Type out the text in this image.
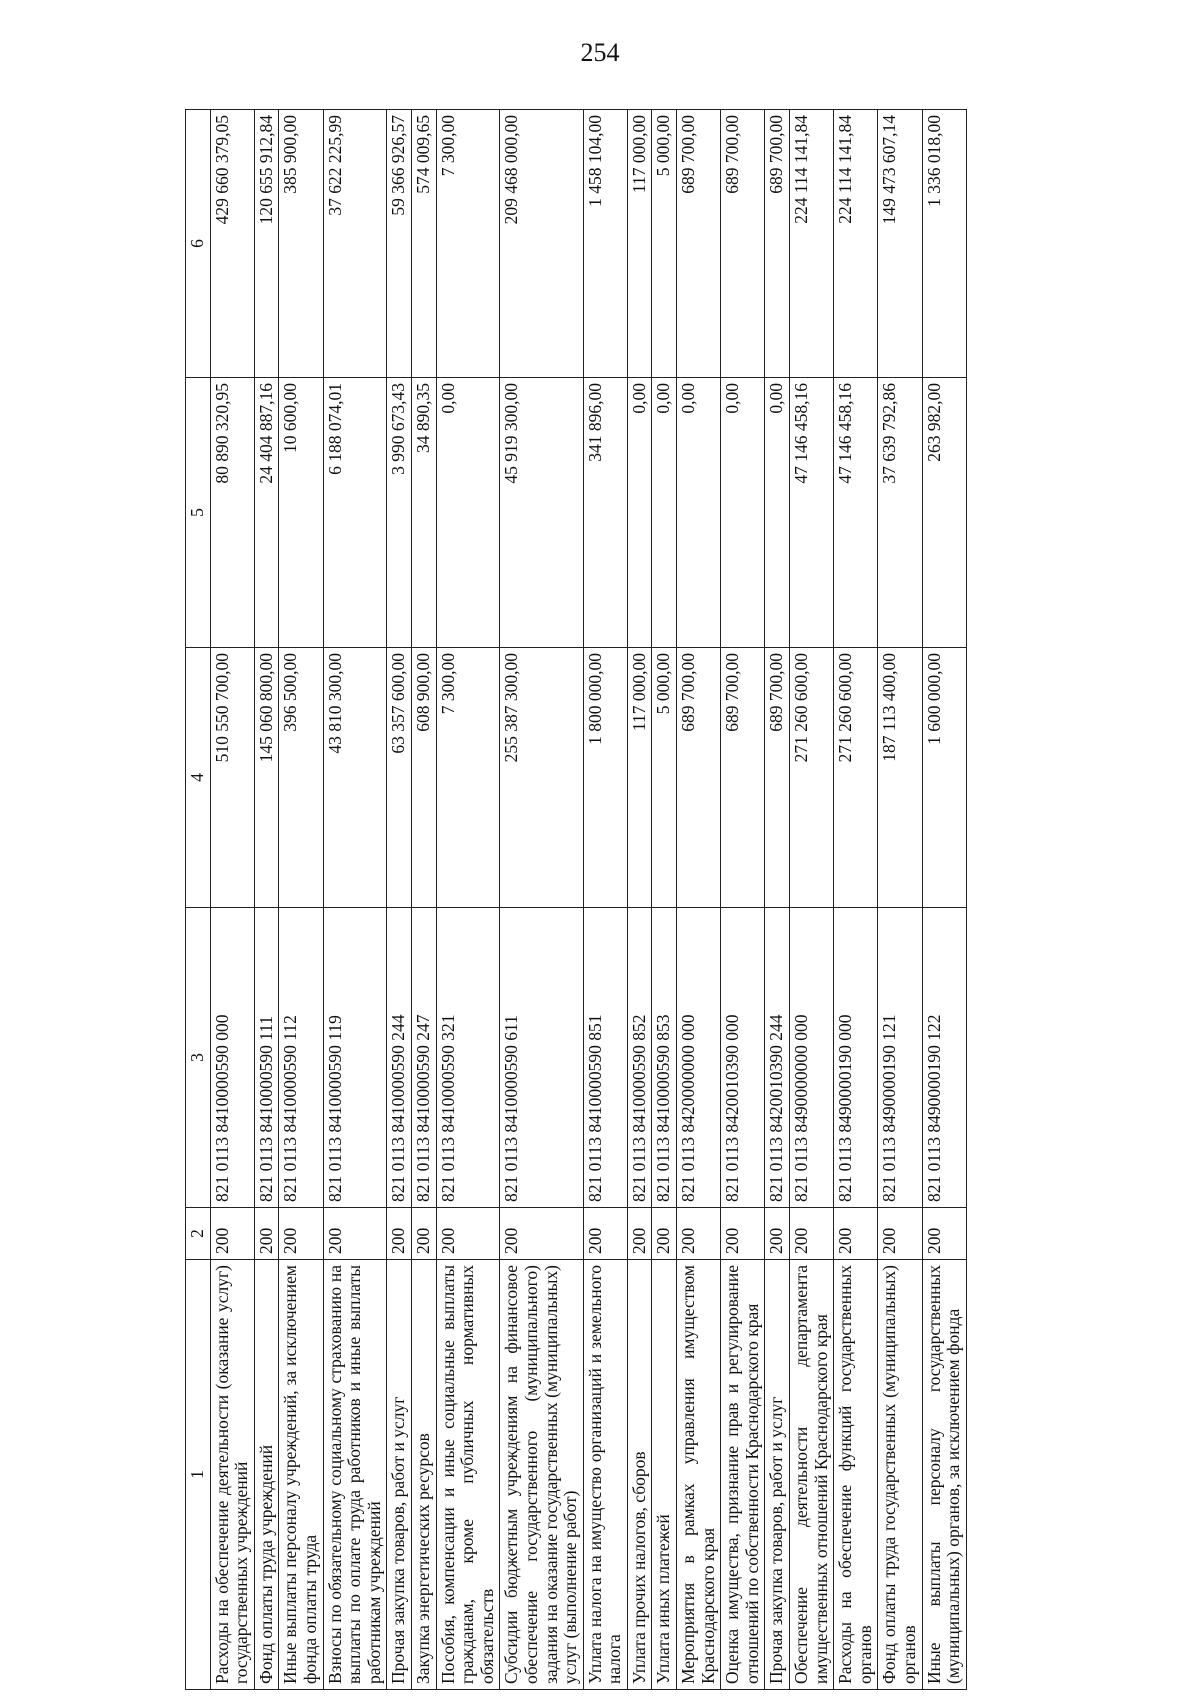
254
1	2	3	4	5	6
Расходы на обеспечение деятельности (оказание услуг) государственных учреждений	200	821 0113 8410000590 000	510 550 700,00	80 890 320,95	429 660 379,05
Фонд оплаты труда учреждений	200	821 0113 8410000590 111	145 060 800,00	24 404 887,16	120 655 912,84
Иные выплаты персоналу учреждений, за исключением фонда оплаты труда	200	821 0113 8410000590 112	396 500,00	10 600,00	385 900,00
Взносы по обязательному социальному страхованию на выплаты по оплате труда работников и иные выплаты работникам учреждений	200	821 0113 8410000590 119	43 810 300,00	6 188 074,01	37 622 225,99
Прочая закупка товаров, работ и услуг	200	821 0113 8410000590 244	63 357 600,00	3 990 673,43	59 366 926,57
Закупка энергетических ресурсов	200	821 0113 8410000590 247	608 900,00	34 890,35	574 009,65
Пособия, компенсации и иные социальные выплаты гражданам, кроме публичных нормативных обязательств	200	821 0113 8410000590 321	7 300,00	0,00	7 300,00
Субсидии бюджетным учреждениям на финансовое обеспечение государственного (муниципального) задания на оказание государственных (муниципальных) услуг (выполнение работ)	200	821 0113 8410000590 611	255 387 300,00	45 919 300,00	209 468 000,00
Уплата налога на имущество организаций и земельного налога	200	821 0113 8410000590 851	1 800 000,00	341 896,00	1 458 104,00
Уплата прочих налогов, сборов	200	821 0113 8410000590 852	117 000,00	0,00	117 000,00
Уплата иных платежей	200	821 0113 8410000590 853	5 000,00	0,00	5 000,00
Мероприятия в рамках управления имуществом Краснодарского края	200	821 0113 8420000000 000	689 700,00	0,00	689 700,00
Оценка имущества, признание прав и регулирование отношений по собственности Краснодарского края	200	821 0113 8420010390 000	689 700,00	0,00	689 700,00
Прочая закупка товаров, работ и услуг	200	821 0113 8420010390 244	689 700,00	0,00	689 700,00
Обеспечение деятельности департамента имущественных отношений Краснодарского края	200	821 0113 8490000000 000	271 260 600,00	47 146 458,16	224 114 141,84
Расходы на обеспечение функций государственных органов	200	821 0113 8490000190 000	271 260 600,00	47 146 458,16	224 114 141,84
Фонд оплаты труда государственных (муниципальных) органов	200	821 0113 8490000190 121	187 113 400,00	37 639 792,86	149 473 607,14
Иные выплаты персоналу государственных (муниципальных) органов, за исключением фонда	200	821 0113 8490000190 122	1 600 000,00	263 982,00	1 336 018,00
